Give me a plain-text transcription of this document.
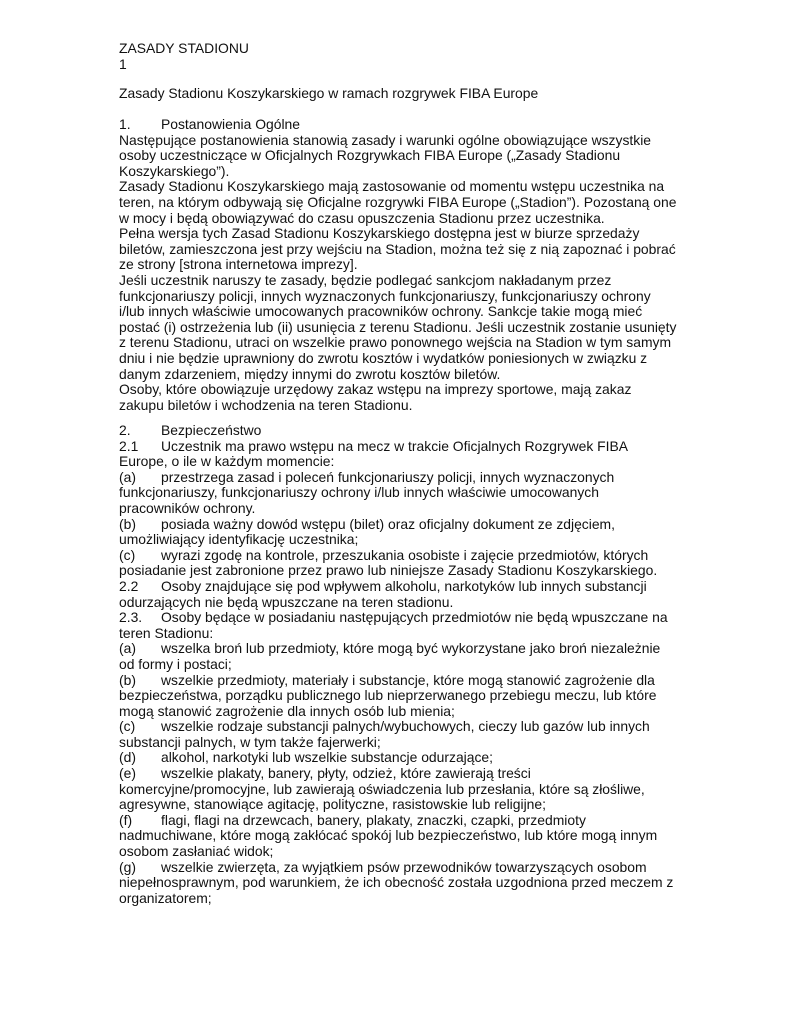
ZASADY STADIONU
1
Zasady Stadionu Koszykarskiego w ramach rozgrywek FIBA Europe

1. Postanowienia Ogólne

Następujące postanowienia stanowią zasady i warunki ogólne obowiązujące wszystkie osoby uczestniczące w Oficjalnych Rozgrywkach FIBA Europe („Zasady Stadionu Koszykarskiego”).

Zasady Stadionu Koszykarskiego mają zastosowanie od momentu wstępu uczestnika na teren, na którym odbywają się Oficjalne rozgrywki FIBA Europe („Stadion”). Pozostaną one w mocy i będą obowiązywać do czasu opuszczenia Stadionu przez uczestnika.

Pełna wersja tych Zasad Stadionu Koszykarskiego dostępna jest w biurze sprzedaży biletów, zamieszczona jest przy wejściu na Stadion, można też się z nią zapoznać i pobrać ze strony [strona internetowa imprezy].

Jeśli uczestnik naruszy te zasady, będzie podlegać sankcjom nakładanym przez funkcjonariuszy policji, innych wyznaczonych funkcjonariuszy, funkcjonariuszy ochrony i/lub innych właściwie umocowanych pracowników ochrony. Sankcje takie mogą mieć postać (i) ostrzeżenia lub (ii) usunięcia z terenu Stadionu. Jeśli uczestnik zostanie usunięty z terenu Stadionu, utraci on wszelkie prawo ponownego wejścia na Stadion w tym samym dniu i nie będzie uprawniony do zwrotu kosztów i wydatków poniesionych w związku z danym zdarzeniem, między innymi do zwrotu kosztów biletów.

Osoby, które obowiązuje urzędowy zakaz wstępu na imprezy sportowe, mają zakaz zakupu biletów i wchodzenia na teren Stadionu.

2. Bezpieczeństwo

2.1 Uczestnik ma prawo wstępu na mecz w trakcie Oficjalnych Rozgrywek FIBA Europe, o ile w każdym momencie:

(a) przestrzega zasad i poleceń funkcjonariuszy policji, innych wyznaczonych funkcjonariuszy, funkcjonariuszy ochrony i/lub innych właściwie umocowanych pracowników ochrony.

(b) posiada ważny dowód wstępu (bilet) oraz oficjalny dokument ze zdjęciem, umożliwiający identyfikację uczestnika;

(c) wyrazi zgodę na kontrole, przeszukania osobiste i zajęcie przedmiotów, których posiadanie jest zabronione przez prawo lub niniejsze Zasady Stadionu Koszykarskiego.

2.2 Osoby znajdujące się pod wpływem alkoholu, narkotyków lub innych substancji odurzających nie będą wpuszczane na teren stadionu.

2.3. Osoby będące w posiadaniu następujących przedmiotów nie będą wpuszczane na teren Stadionu:

(a) wszelka broń lub przedmioty, które mogą być wykorzystane jako broń niezależnie od formy i postaci;

(b) wszelkie przedmioty, materiały i substancje, które mogą stanowić zagrożenie dla bezpieczeństwa, porządku publicznego lub nieprzerwanego przebiegu meczu, lub które mogą stanowić zagrożenie dla innych osób lub mienia;

(c) wszelkie rodzaje substancji palnych/wybuchowych, cieczy lub gazów lub innych substancji palnych, w tym także fajerwerki;

(d) alkohol, narkotyki lub wszelkie substancje odurzające;

(e) wszelkie plakaty, banery, płyty, odzież, które zawierają treści komercyjne/promocyjne, lub zawierają oświadczenia lub przesłania, które są złośliwe, agresywne, stanowiące agitację, polityczne, rasistowskie lub religijne;

(f) flagi, flagi na drzewcach, banery, plakaty, znaczki, czapki, przedmioty nadmuchiwane, które mogą zakłócać spokój lub bezpieczeństwo, lub które mogą innym osobom zasłaniać widok;

(g) wszelkie zwierzęta, za wyjątkiem psów przewodników towarzyszących osobom niepełnosprawnym, pod warunkiem, że ich obecność została uzgodniona przed meczem z organizatorem;
